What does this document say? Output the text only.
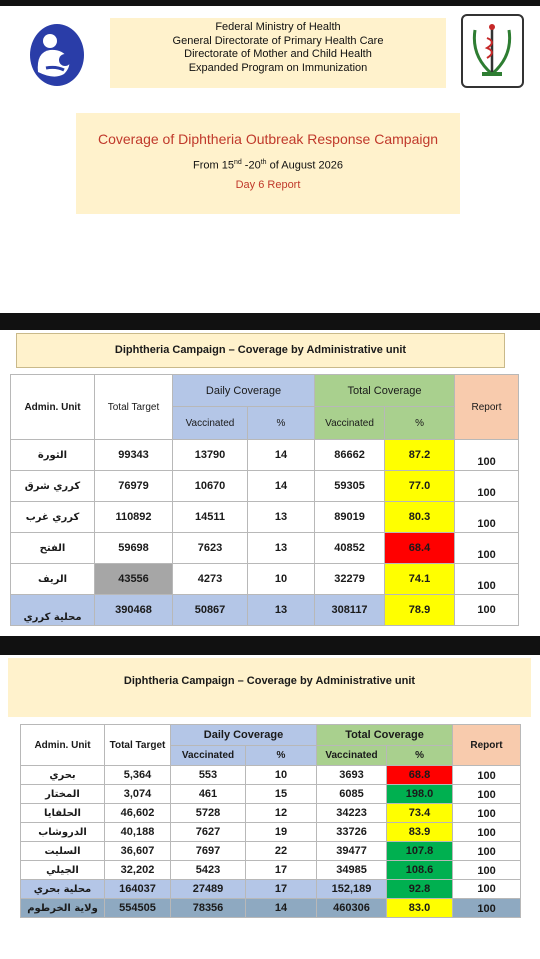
Federal Ministry of Health
General Directorate of Primary Health Care
Directorate of Mother and Child Health
Expanded Program on Immunization
Coverage of Diphtheria Outbreak Response Campaign
From 15nd -20th of August 2026
Day 6 Report
Diphtheria Campaign – Coverage by Administrative unit
Admin. Unit	Total Target	Daily Coverage		Total Coverage		Report
		Vaccinated	%	Vaccinated	%	
الثورة	99343	13790	14	86662	87.2	100
كرري شرق	76979	10670	14	59305	77.0	100
كرري غرب	110892	14511	13	89019	80.3	100
الفتح	59698	7623	13	40852	68.4	100
الريف	43556	4273	10	32279	74.1	100
محلية كرري	390468	50867	13	308117	78.9	100
Diphtheria Campaign – Coverage by Administrative unit
Admin. Unit	Total Target	Daily Coverage		Total Coverage		Report
		Vaccinated	%	Vaccinated	%	
بحري	5,364	553	10	3693	68.8	100
المختار	3,074	461	15	6085	198.0	100
الحلفايا	46,602	5728	12	34223	73.4	100
الدروشاب	40,188	7627	19	33726	83.9	100
السليت	36,607	7697	22	39477	107.8	100
الجيلي	32,202	5423	17	34985	108.6	100
محلية بحري	164037	27489	17	152,189	92.8	100
ولاية الخرطوم	554505	78356	14	460306	83.0	100
